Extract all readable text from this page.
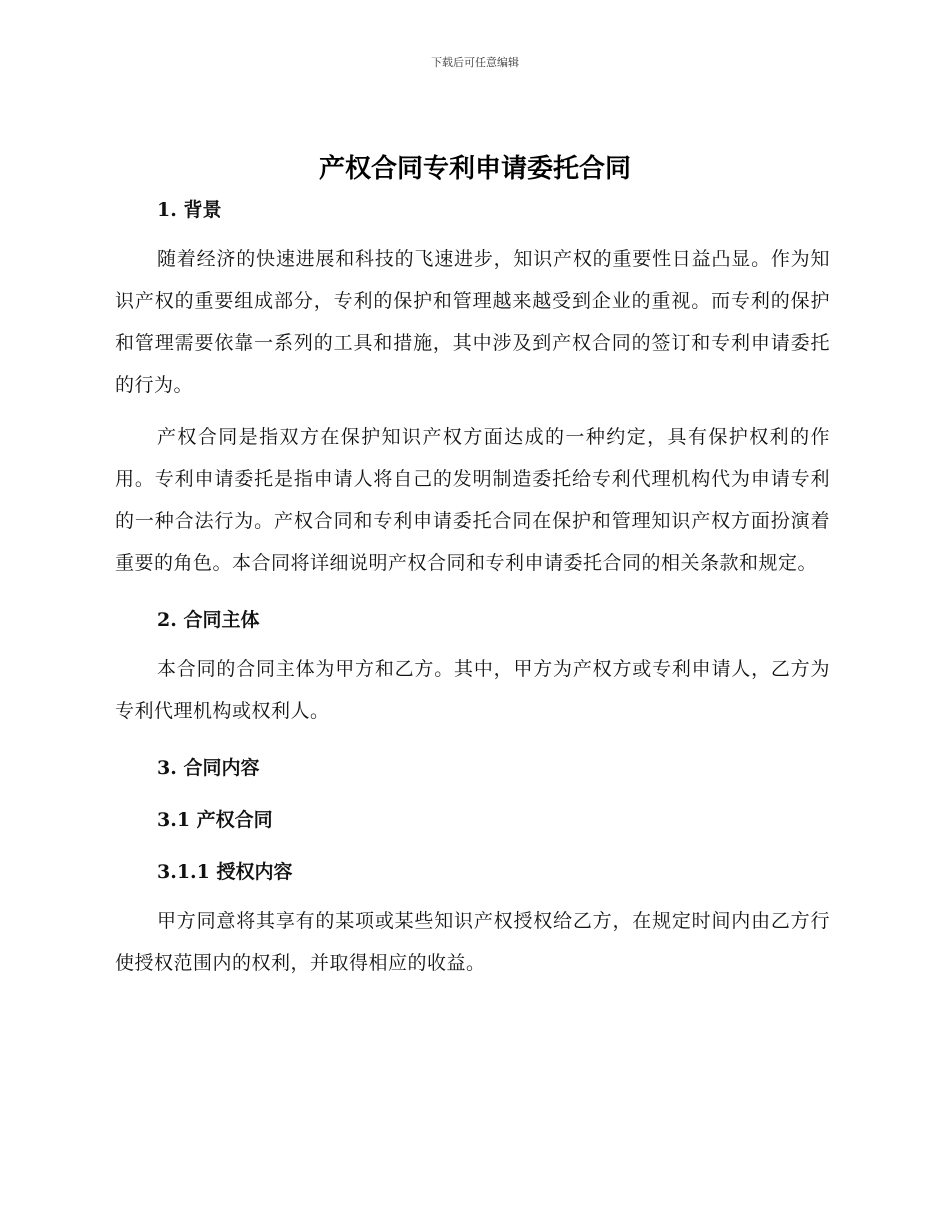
下载后可任意编辑
产权合同专利申请委托合同

1. 背景

随着经济的快速进展和科技的飞速进步，知识产权的重要性日益凸显。作为知识产权的重要组成部分，专利的保护和管理越来越受到企业的重视。而专利的保护和管理需要依靠一系列的工具和措施，其中涉及到产权合同的签订和专利申请委托的行为。

产权合同是指双方在保护知识产权方面达成的一种约定，具有保护权利的作用。专利申请委托是指申请人将自己的发明制造委托给专利代理机构代为申请专利的一种合法行为。产权合同和专利申请委托合同在保护和管理知识产权方面扮演着重要的角色。本合同将详细说明产权合同和专利申请委托合同的相关条款和规定。

2. 合同主体

本合同的合同主体为甲方和乙方。其中，甲方为产权方或专利申请人，乙方为专利代理机构或权利人。

3. 合同内容

3.1 产权合同

3.1.1 授权内容

甲方同意将其享有的某项或某些知识产权授权给乙方，在规定时间内由乙方行使授权范围内的权利，并取得相应的收益。
